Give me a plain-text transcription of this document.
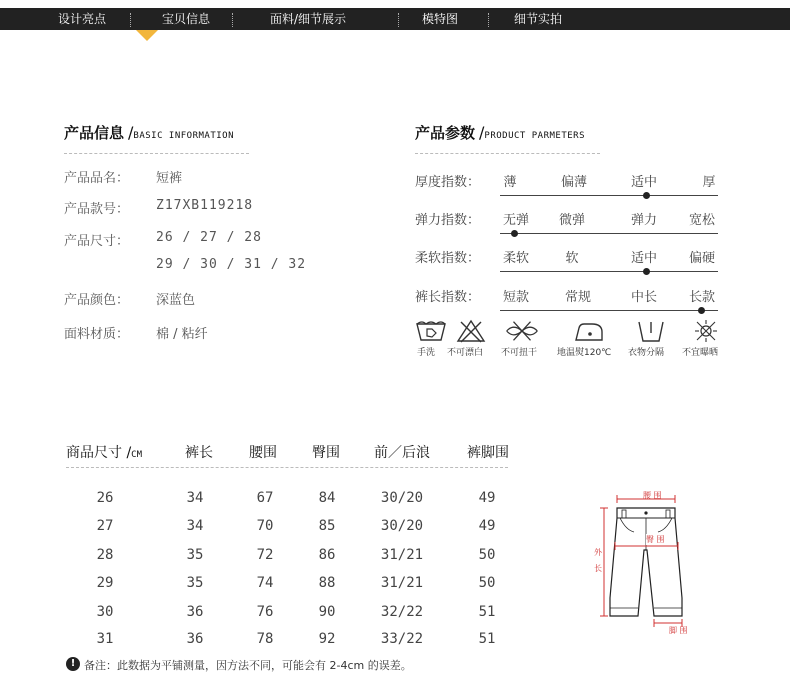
设计亮点	宝贝信息	面料/细节展示	模特图	细节实拍
产品信息 /BASIC INFORMATION
产品品名： 短裤
产品款号： Z17XB119218
产品尺寸： 26 / 27 / 28
29 / 30 / 31 / 32
产品颜色： 深蓝色
面料材质： 棉 / 粘纤
产品参数 /PRODUCT PARMETERS
厚度指数：	薄	偏薄	适中	厚
弹力指数：	无弹	微弹	弹力	宽松
柔软指数：	柔软	软	适中	偏硬
裤长指数：	短款	常规	中长	长款
手洗 不可漂白 不可扭干 地温熨120℃ 衣物分隔 不宜曝晒
商品尺寸 /CM	裤长	腰围	臀围	前／后浪	裤脚围
26	34	67	84	30/20	49
27	34	70	85	30/20	49
28	35	72	86	31/21	50
29	35	74	88	31/21	50
30	36	76	90	32/22	51
31	36	78	92	33/22	51
腰 围
臀 围
外
长
脚 围
! 备注：此数据为平铺测量，因方法不同，可能会有 2-4cm 的误差。
